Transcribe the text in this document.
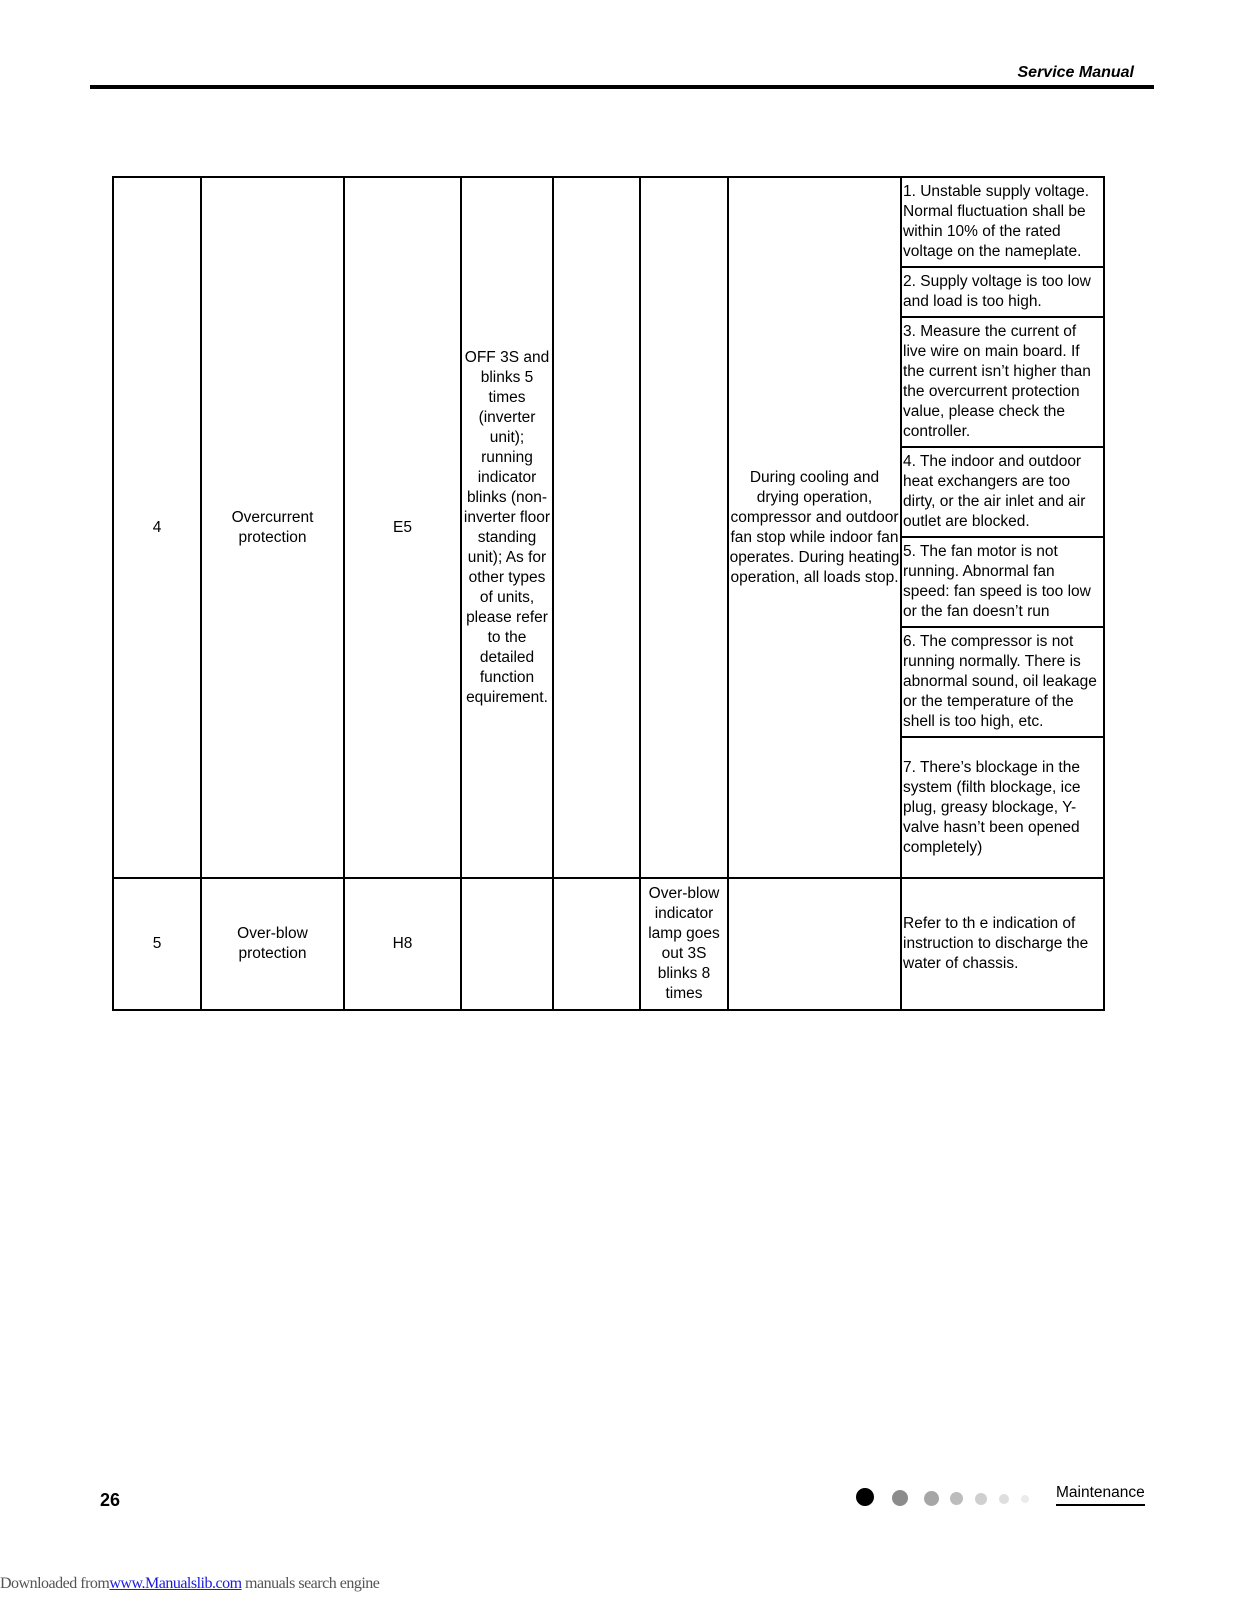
Service Manual
4	Overcurrent protection	E5	OFF 3S and blinks 5 times (inverter unit); running indicator blinks (non-inverter floor standing unit); As for other types of units, please refer to the detailed function equirement.			During cooling and drying operation, compressor and outdoor fan stop while indoor fan operates. During heating operation, all loads stop.	1. Unstable supply voltage. Normal fluctuation shall be within 10% of the rated voltage on the nameplate.
							2. Supply voltage is too low and load is too high.
							3. Measure the current of live wire on main board. If the current isn’t higher than the overcurrent protection value, please check the controller.
							4. The indoor and outdoor heat exchangers are too dirty, or the air inlet and air outlet are blocked.
							5. The fan motor is not running. Abnormal fan speed: fan speed is too low or the fan doesn’t run
							6. The compressor is not running normally. There is abnormal sound, oil leakage or the temperature of the shell is too high, etc.
							7. There’s blockage in the system (filth blockage, ice plug, greasy blockage, Y-valve hasn’t been opened completely)
5	Over-blow protection	H8			Over-blow indicator lamp goes out 3S blinks 8 times		Refer to th e indication of instruction to discharge the water of chassis.
26	Maintenance
Downloaded fromwww.Manualslib.com manuals search engine
